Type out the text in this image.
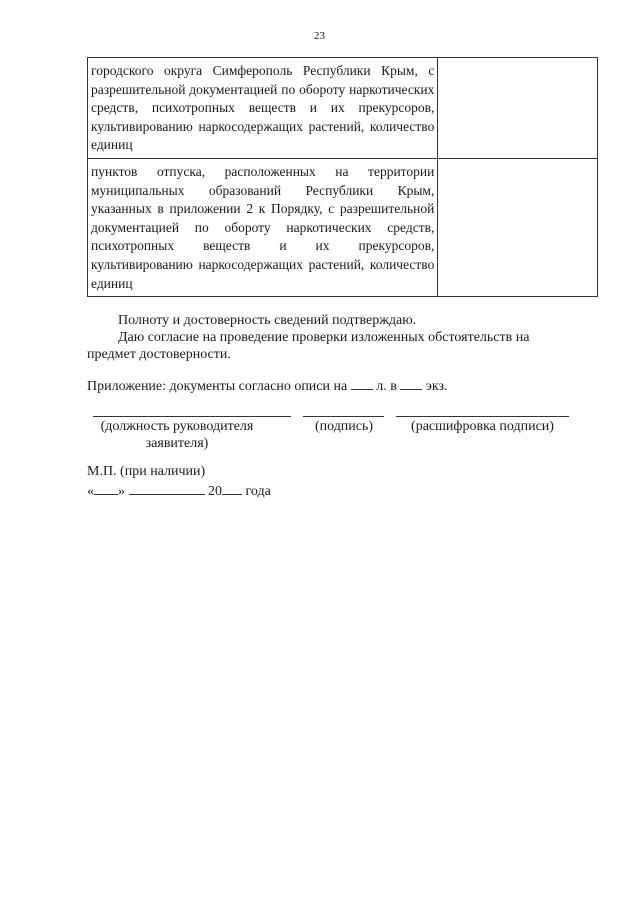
23
городского округа Симферополь Республики Крым, с разрешительной документацией по обороту наркотических средств, психотропных веществ и их прекурсоров, культивированию наркосодержащих растений, количество единиц	
пунктов отпуска, расположенных на территории муниципальных образований Республики Крым, указанных в приложении 2 к Порядку, с разрешительной документацией по обороту наркотических средств, психотропных веществ и их прекурсоров, культивированию наркосодержащих растений, количество единиц	
Полноту и достоверность сведений подтверждаю.
Даю согласие на проведение проверки изложенных обстоятельств на предмет достоверности.
Приложение: документы согласно описи на л. в экз.
(должность руководителя заявителя)
(подпись)	(расшифровка подписи)
М.П. (при наличии)
« »	20 года
